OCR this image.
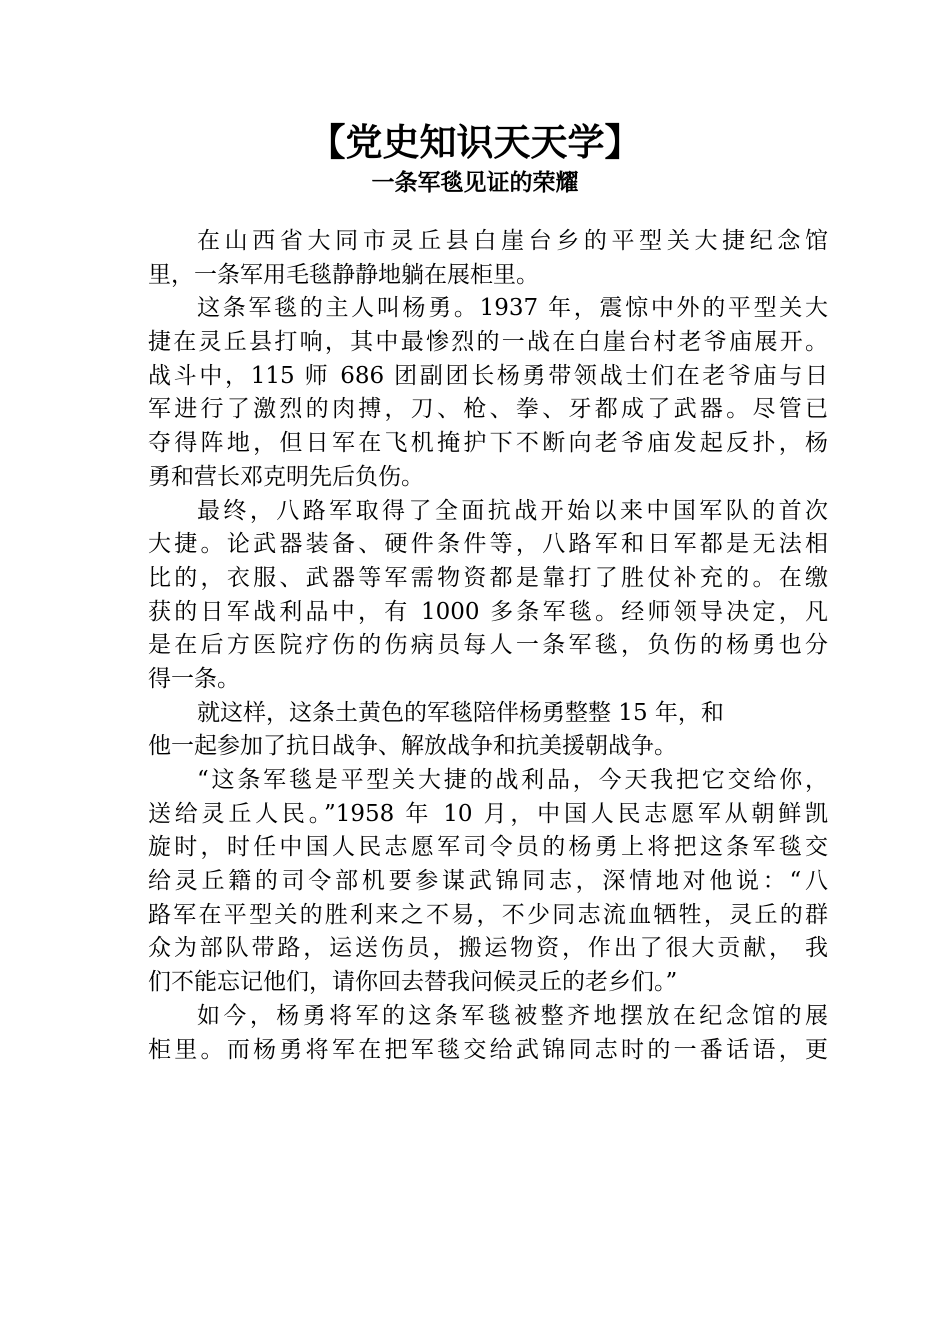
【党史知识天天学】
一条军毯见证的荣耀
在山西省大同市灵丘县白崖台乡的平型关大捷纪念馆
里，一条军用毛毯静静地躺在展柜里。
这条军毯的主人叫杨勇。1937 年，震惊中外的平型关大
捷在灵丘县打响，其中最惨烈的一战在白崖台村老爷庙展开。
战斗中，115 师 686 团副团长杨勇带领战士们在老爷庙与日
军进行了激烈的肉搏，刀、枪、拳、牙都成了武器。尽管已
夺得阵地，但日军在飞机掩护下不断向老爷庙发起反扑，杨
勇和营长邓克明先后负伤。
最终，八路军取得了全面抗战开始以来中国军队的首次
大捷。论武器装备、硬件条件等，八路军和日军都是无法相
比的，衣服、武器等军需物资都是靠打了胜仗补充的。在缴
获的日军战利品中，有 1000 多条军毯。经师领导决定，凡
是在后方医院疗伤的伤病员每人一条军毯，负伤的杨勇也分
得一条。
就这样，这条土黄色的军毯陪伴杨勇整整 15 年，和
他一起参加了抗日战争、解放战争和抗美援朝战争。
“这条军毯是平型关大捷的战利品，今天我把它交给你，
送给灵丘人民。”1958 年 10 月，中国人民志愿军从朝鲜凯
旋时，时任中国人民志愿军司令员的杨勇上将把这条军毯交
给灵丘籍的司令部机要参谋武锦同志，深情地对他说：“八
路军在平型关的胜利来之不易，不少同志流血牺牲，灵丘的群
众为部队带路，运送伤员，搬运物资，作出了很大贡献， 我
们不能忘记他们，请你回去替我问候灵丘的老乡们。”
如今，杨勇将军的这条军毯被整齐地摆放在纪念馆的展
柜里。而杨勇将军在把军毯交给武锦同志时的一番话语，更
